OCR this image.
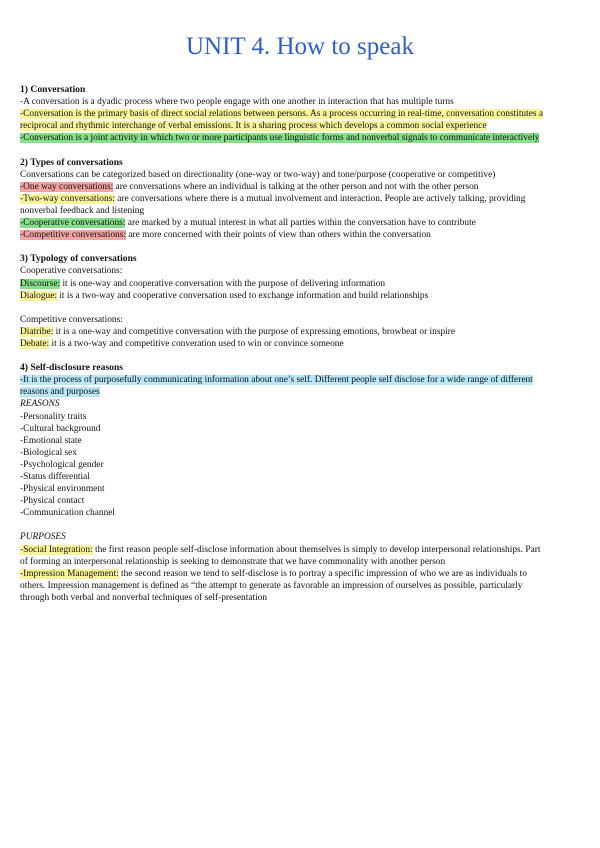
UNIT 4. How to speak
1) Conversation

-A conversation is a dyadic process where two people engage with one another in interaction that has multiple turns

-Conversation is the primary basis of direct social relations between persons. As a process occurring in real-time, conversation constitutes a reciprocal and rhythmic interchange of verbal emissions. It is a sharing process which develops a common social experience

-Conversation is a joint activity in which two or more participants use linguistic forms and nonverbal signals to communicate interactively

2) Types of conversations

Conversations can be categorized based on directionality (one-way or two-way) and tone/purpose (cooperative or competitive)

-One way conversations: are conversations where an individual is talking at the other person and not with the other person

-Two-way conversations: are conversations where there is a mutual involvement and interaction. People are actively talking, providing nonverbal feedback and listening

-Cooperative conversations: are marked by a mutual interest in what all parties within the conversation have to contribute

-Competitive conversations: are more concerned with their points of view than others within the conversation

3) Typology of conversations

Cooperative conversations:

Discourse: it is one-way and cooperative conversation with the purpose of delivering information

Dialogue: it is a two-way and cooperative conversation used to exchange information and build relationships

Competitive conversations:

Diatribe: it is a one-way and competitive conversation with the purpose of expressing emotions, browbeat or inspire

Debate: it is a two-way and competitive converation used to win or convince someone

4) Self-disclosure reasons

-It is the process of purposefully communicating information about one’s self. Different people self disclose for a wide range of different reasons and purposes

REASONS

-Personality traits
-Cultural background
-Emotional state
-Biological sex
-Psychological gender
-Status differential
-Physical environment
-Physical contact
-Communication channel

PURPOSES

-Social Integration: the first reason people self-disclose information about themselves is simply to develop interpersonal relationships. Part of forming an interpersonal relationship is seeking to demonstrate that we have commonality with another person

-Impression Management: the second reason we tend to self-disclose is to portray a specific impression of who we are as individuals to others. Impression management is defined as “the attempt to generate as favorable an impression of ourselves as possible, particularly through both verbal and nonverbal techniques of self-presentation
